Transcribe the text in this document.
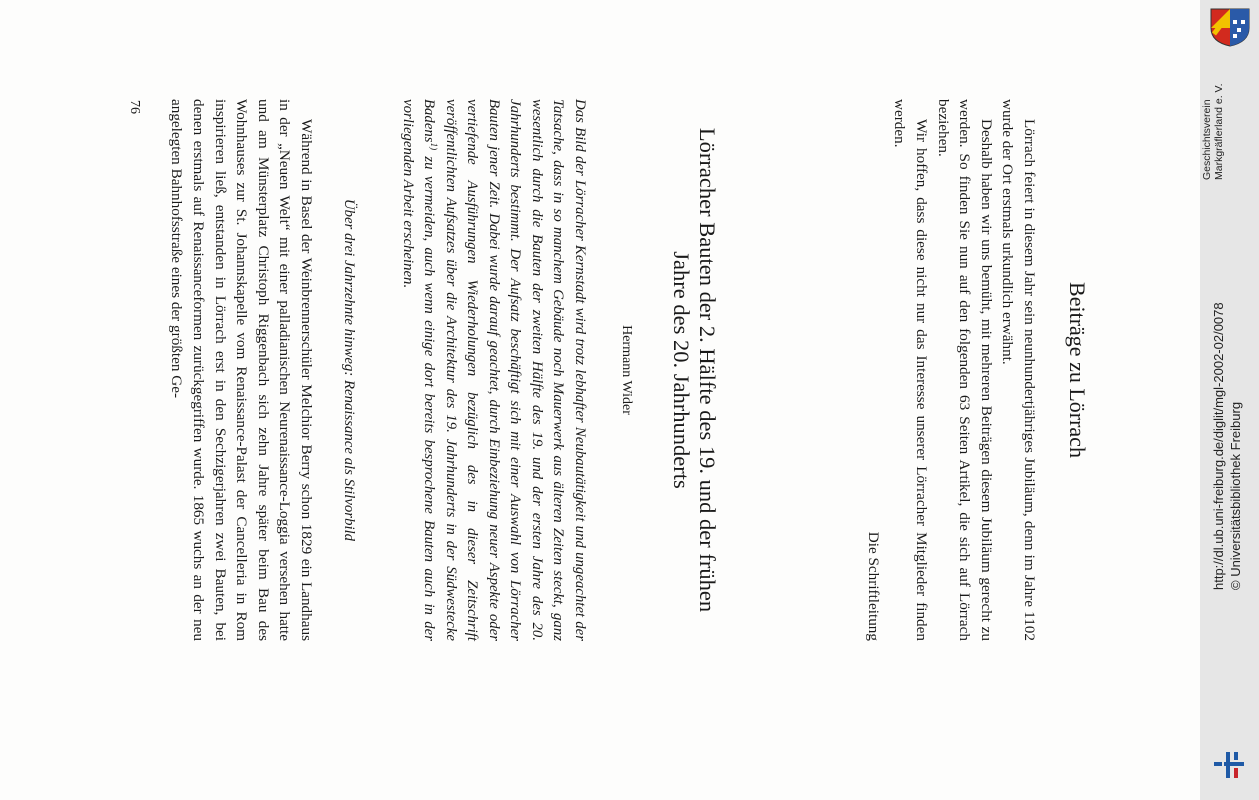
Beiträge zu Lörrach

Lörrach feiert in diesem Jahr sein neunhundertjähriges Jubiläum, denn im Jahre 1102 wurde der Ort erstmals urkundlich erwähnt.

Deshalb haben wir uns bemüht, mit mehreren Beiträgen diesem Jubiläum gerecht zu werden. So finden Sie nun auf den folgenden 63 Seiten Artikel, die sich auf Lörrach beziehen.

Wir hoffen, dass diese nicht nur das Interesse unserer Lörracher Mitglieder finden werden.

Die Schriftleitung
Lörracher Bauten der 2. Hälfte des 19. und der frühen
Jahre des 20. Jahrhunderts
Hermann Wider

Das Bild der Lörracher Kernstadt wird trotz lebhafter Neubautätigkeit und ungeachtet der Tatsache, dass in so manchem Gebäude noch Mauerwerk aus älteren Zeiten steckt, ganz wesentlich durch die Bauten der zweiten Hälfte des 19. und der ersten Jahre des 20. Jahrhunderts bestimmt. Der Aufsatz beschäftigt sich mit einer Auswahl von Lörracher Bauten jener Zeit. Dabei wurde darauf geachtet, durch Einbeziehung neuer Aspekte oder vertiefende Ausführungen Wiederholungen bezüglich des in dieser Zeitschrift veröffentlichten Aufsatzes über die Architektur des 19. Jahrhunderts in der Südwestecke Badens$^{1)}$ zu vermeiden, auch wenn einige dort bereits besprochene Bauten auch in der vorliegenden Arbeit erscheinen.

Über drei Jahrzehnte hinweg: Renaissance als Stilvorbild

Während in Basel der Weinbrennerschüler Melchior Berry schon 1829 ein Landhaus in der „Neuen Welt“ mit einer palladianischen Neurenaissance-Loggia versehen hatte und am Münsterplatz Christoph Riggenbach sich zehn Jahre später beim Bau des Wohnhauses zur St. Johannskapelle vom Renaissance-Palast der Cancelleria in Rom inspirieren ließ, entstanden in Lörrach erst in den Sechzigerjahren zwei Bauten, bei denen erstmals auf Renaissanceformen zurückgegriffen wurde. 1865 wuchs an der neu angelegten Bahnhofsstraße eines der größten Ge-

76	Geschichtsverein Markgräflerland e. V.
http://dl.ub.uni-freiburg.de/diglit/mgl-2002-02/0078 © Universitätsbibliothek Freiburg
